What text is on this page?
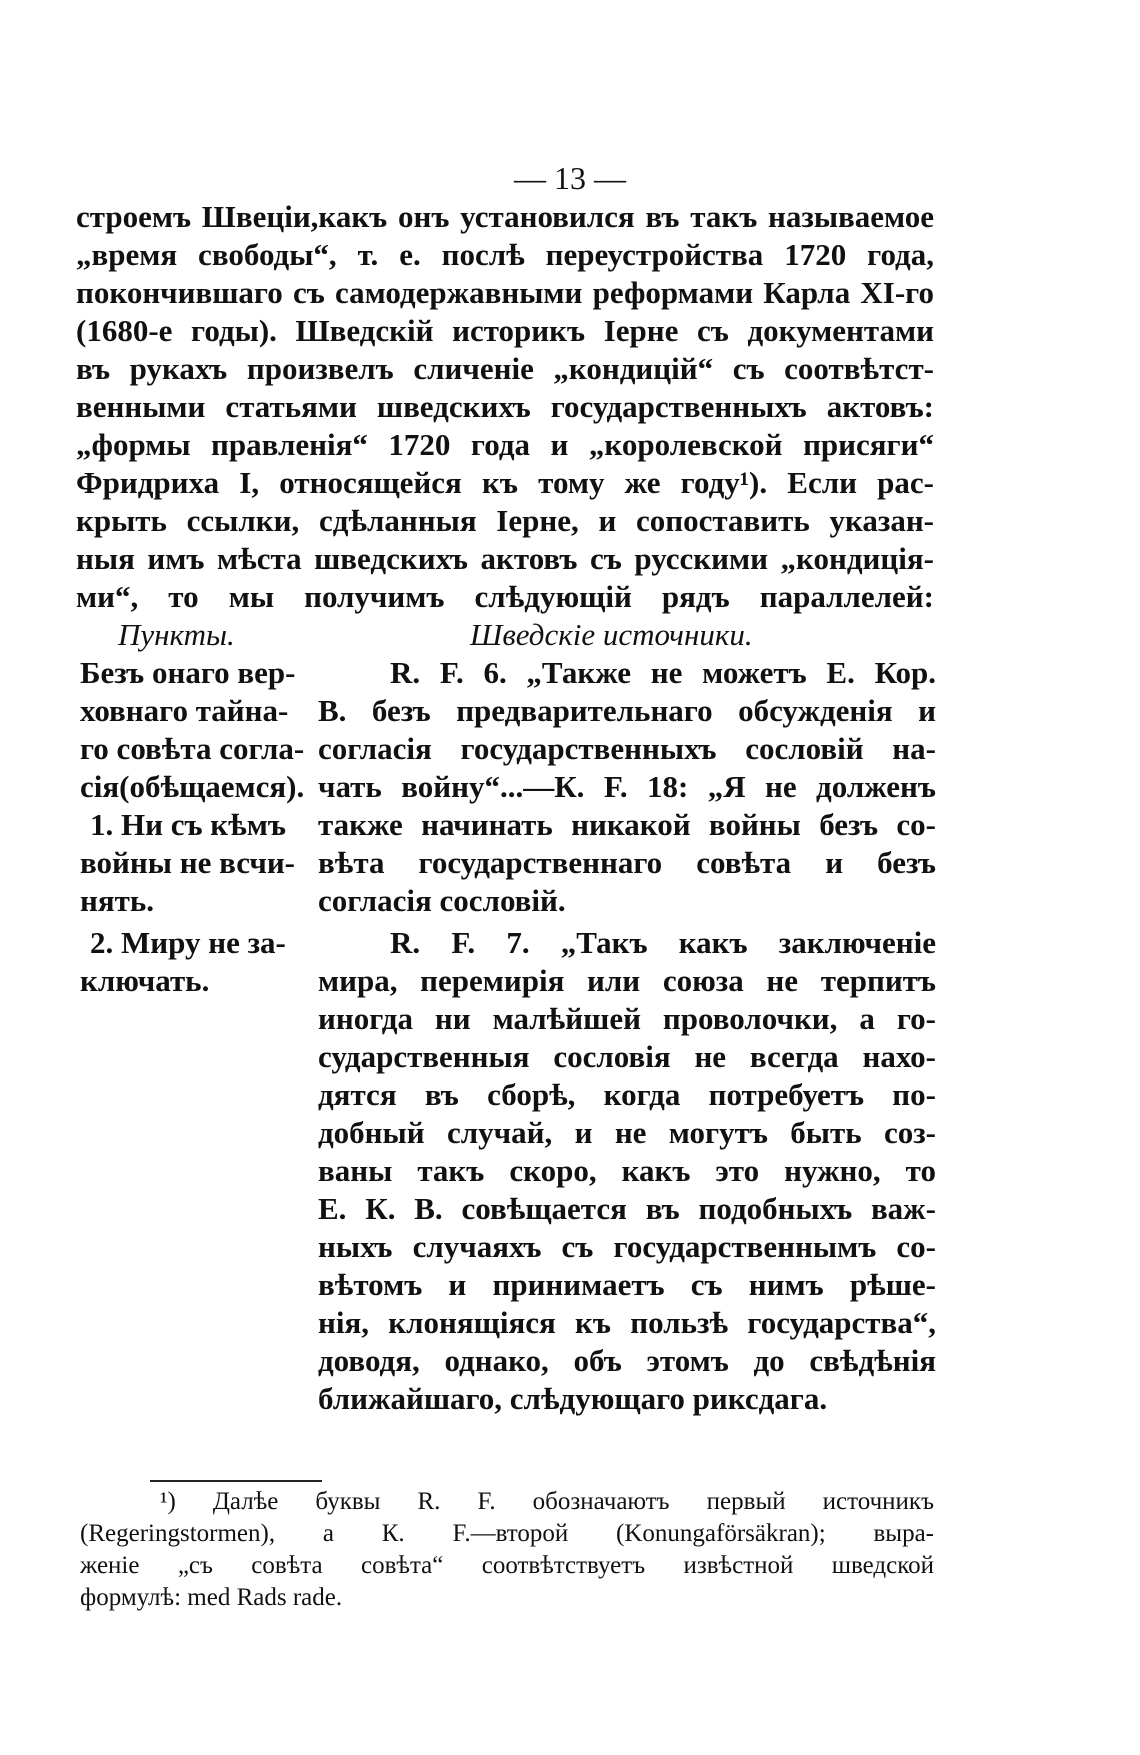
— 13 —
строемъ Швеціи,какъ онъ установился въ такъ называемое
„время свободы“, т. е. послѣ переустройства 1720 года,
покончившаго съ самодержавными реформами Карла XI-го
(1680-е годы). Шведскій историкъ Іерне съ документами
въ рукахъ произвелъ сличеніе „кондицій“ съ соотвѣтст-
венными статьями шведскихъ государственныхъ актовъ:
„формы правленія“ 1720 года и „королевской присяги“
Фридриха I, относящейся къ тому же году¹). Если рас-
крыть ссылки, сдѣланныя Іерне, и сопоставить указан-
ныя имъ мѣста шведскихъ актовъ съ русскими „кондиція-
ми“, то мы получимъ слѣдующій рядъ параллелей:
Пункты.	Шведскіе источники.
Безъ онаго вер-
ховнаго тайна-
го совѣта согла-
сія(обѣщаемся).
1. Ни съ кѣмъ
войны не всчи-
нять.
2. Миру не за-
ключать.
R. F. 6. „Также не можетъ Е. Кор.
В. безъ предварительнаго обсужденія и
согласія государственныхъ сословій на-
чать войну“...—К. F. 18: „Я не долженъ
также начинать никакой войны безъ со-
вѣта государственнаго совѣта и безъ
согласія сословій.
R. F. 7. „Такъ какъ заключеніе
мира, перемирія или союза не терпитъ
иногда ни малѣйшей проволочки, а го-
сударственныя сословія не всегда нахо-
дятся въ сборѣ, когда потребуетъ по-
добный случай, и не могутъ быть соз-
ваны такъ скоро, какъ это нужно, то
Е. К. В. совѣщается въ подобныхъ важ-
ныхъ случаяхъ съ государственнымъ со-
вѣтомъ и принимаетъ съ нимъ рѣше-
нія, клонящіяся къ пользѣ государства“,
доводя, однако, объ этомъ до свѣдѣнія
ближайшаго, слѣдующаго риксдага.
¹) Далѣе буквы R. F. обозначаютъ первый источникъ
(Regeringstormen), а К. F.—второй (Konungaförsäkran); выра-
женіе „съ совѣта совѣта“ соотвѣтствуетъ извѣстной шведской
формулѣ: med Rads rade.
